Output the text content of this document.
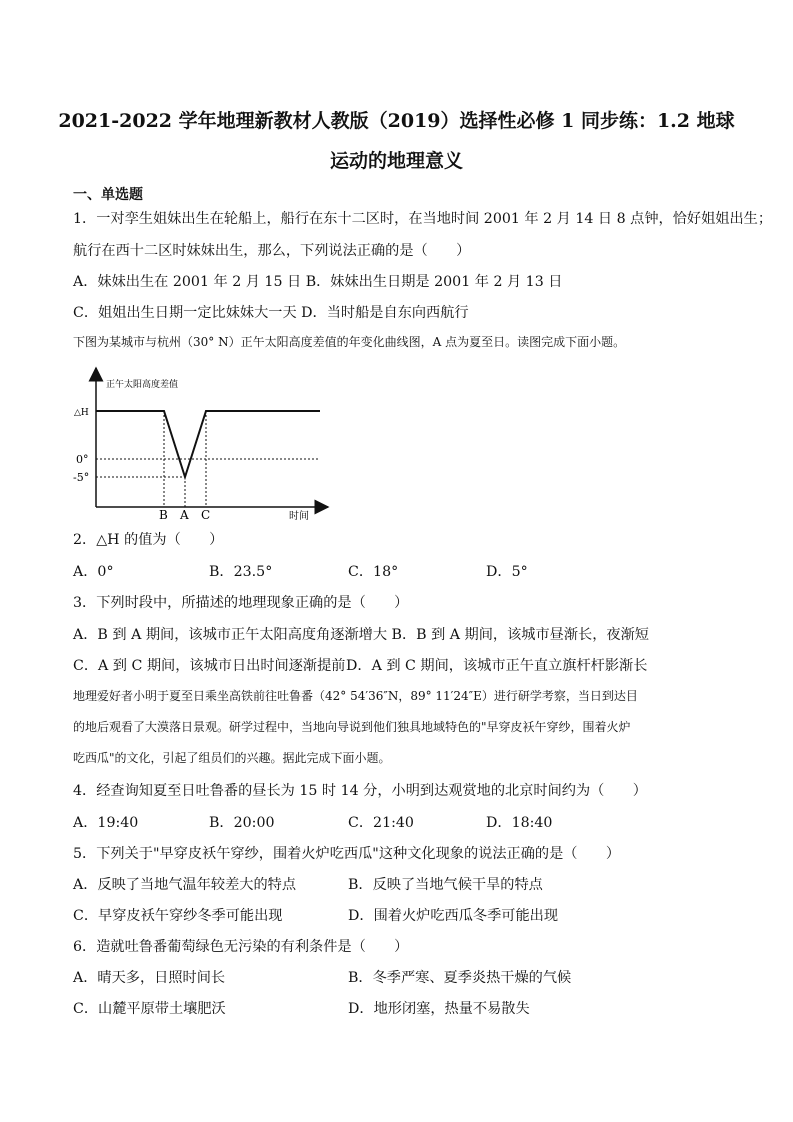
2021-2022 学年地理新教材人教版（2019）选择性必修 1 同步练：1.2 地球
运动的地理意义
一、单选题
1．一对孪生姐妹出生在轮船上，船行在东十二区时，在当地时间 2001 年 2 月 14 日 8 点钟，恰好姐姐出生；
航行在西十二区时妹妹出生，那么，下列说法正确的是（　　）
A．妹妹出生在 2001 年 2 月 15 日 B．妹妹出生日期是 2001 年 2 月 13 日
C．姐姐出生日期一定比妹妹大一天 D．当时船是自东向西航行
下图为某城市与杭州（30° N）正午太阳高度差值的年变化曲线图，A 点为夏至日。读图完成下面小题。
正午太阳高度差值
△H
0°
-5°
B A C	时间
2．△H 的值为（　　）
A．0°	B．23.5°	C．18°	D．5°
3．下列时段中，所描述的地理现象正确的是（　　）
A．B 到 A 期间，该城市正午太阳高度角逐渐增大 B．B 到 A 期间，该城市昼渐长，夜渐短
C．A 到 C 期间，该城市日出时间逐渐提前 D．A 到 C 期间，该城市正午直立旗杆杆影渐长
地理爱好者小明于夏至日乘坐高铁前往吐鲁番（42° 54′36″N，89° 11′24″E）进行研学考察，当日到达目
的地后观看了大漠落日景观。研学过程中，当地向导说到他们独具地域特色的"早穿皮袄午穿纱，围着火炉
吃西瓜"的文化，引起了组员们的兴趣。据此完成下面小题。
4．经查询知夏至日吐鲁番的昼长为 15 时 14 分，小明到达观赏地的北京时间约为（　　）
A．19:40	B．20:00	C．21:40	D．18:40
5．下列关于"早穿皮袄午穿纱，围着火炉吃西瓜"这种文化现象的说法正确的是（　　）
A．反映了当地气温年较差大的特点	B．反映了当地气候干旱的特点
C．早穿皮袄午穿纱冬季可能出现	D．围着火炉吃西瓜冬季可能出现
6．造就吐鲁番葡萄绿色无污染的有利条件是（　　）
A．晴天多，日照时间长	B．冬季严寒、夏季炎热干燥的气候
C．山麓平原带土壤肥沃	D．地形闭塞，热量不易散失
